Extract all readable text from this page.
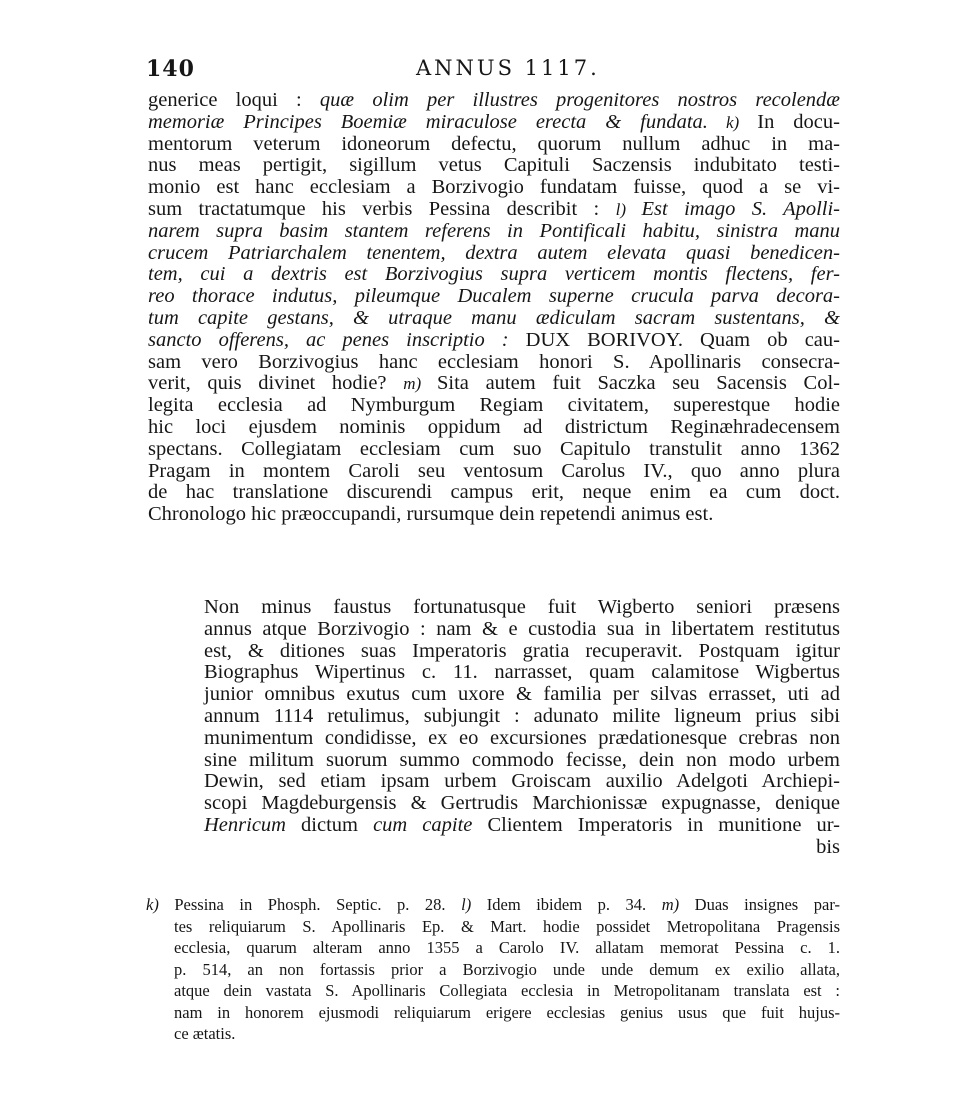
140	ANNUS 1117.
generice loqui : quæ olim per illustres progenitores nostros recolendæ
memoriæ Principes Boemiæ miraculose erecta & fundata. k) In docu-
mentorum veterum idoneorum defectu, quorum nullum adhuc in ma-
nus meas pertigit, sigillum vetus Capituli Saczensis indubitato testi-
monio est hanc ecclesiam a Borzivogio fundatam fuisse, quod a se vi-
sum tractatumque his verbis Pessina describit : l) Est imago S. Apolli-
narem supra basim stantem referens in Pontificali habitu, sinistra manu
crucem Patriarchalem tenentem, dextra autem elevata quasi benedicen-
tem, cui a dextris est Borzivogius supra verticem montis flectens, fer-
reo thorace indutus, pileumque Ducalem superne crucula parva decora-
tum capite gestans, & utraque manu ædiculam sacram sustentans, &
sancto offerens, ac penes inscriptio : DUX BORIVOY. Quam ob cau-
sam vero Borzivogius hanc ecclesiam honori S. Apollinaris consecra-
verit, quis divinet hodie? m) Sita autem fuit Saczka seu Sacensis Col-
legita ecclesia ad Nymburgum Regiam civitatem, superestque hodie
hic loci ejusdem nominis oppidum ad districtum Reginæhradecensem
spectans. Collegiatam ecclesiam cum suo Capitulo transtulit anno 1362
Pragam in montem Caroli seu ventosum Carolus IV., quo anno plura
de hac translatione discurendi campus erit, neque enim ea cum doct.
Chronologo hic præoccupandi, rursumque dein repetendi animus est.
Non minus faustus fortunatusque fuit Wigberto seniori præsens
annus atque Borzivogio : nam & e custodia sua in libertatem restitutus
est, & ditiones suas Imperatoris gratia recuperavit. Postquam igitur
Biographus Wipertinus c. 11. narrasset, quam calamitose Wigbertus
junior omnibus exutus cum uxore & familia per silvas errasset, uti ad
annum 1114 retulimus, subjungit : adunato milite ligneum prius sibi
munimentum condidisse, ex eo excursiones prædationesque crebras non
sine militum suorum summo commodo fecisse, dein non modo urbem
Dewin, sed etiam ipsam urbem Groiscam auxilio Adelgoti Archiepi-
scopi Magdeburgensis & Gertrudis Marchionissæ expugnasse, denique
Henricum dictum cum capite Clientem Imperatoris in munitione ur-
bis
k) Pessina in Phosph. Septic. p. 28. l) Idem ibidem p. 34. m) Duas insignes par-
tes reliquiarum S. Apollinaris Ep. & Mart. hodie possidet Metropolitana Pragensis
ecclesia, quarum alteram anno 1355 a Carolo IV. allatam memorat Pessina c. 1.
p. 514, an non fortassis prior a Borzivogio unde unde demum ex exilio allata,
atque dein vastata S. Apollinaris Collegiata ecclesia in Metropolitanam translata est :
nam in honorem ejusmodi reliquiarum erigere ecclesias genius usus que fuit hujus-
ce ætatis.
